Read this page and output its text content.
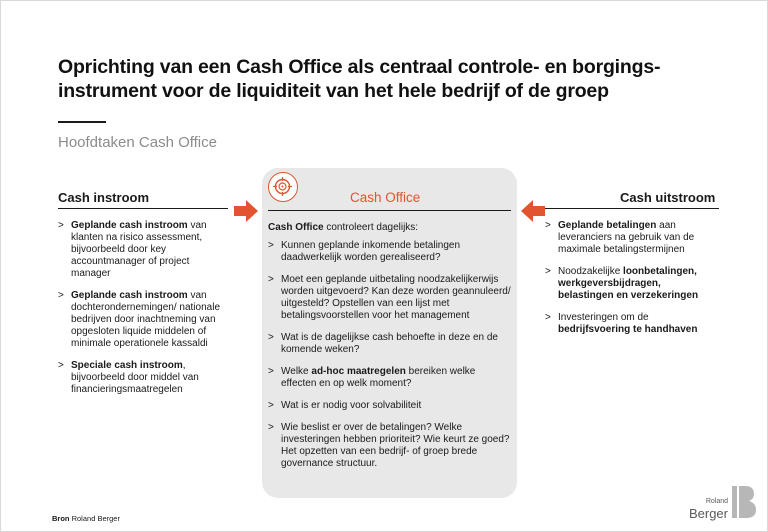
Oprichting van een Cash Office als centraal controle- en borgings-instrument voor de liquiditeit van het hele bedrijf of de groep
Hoofdtaken Cash Office
Cash instroom
> Geplande cash instroom van klanten na risico assessment, bijvoorbeeld door key accountmanager of project manager
> Geplande cash instroom van dochterondernemingen/ nationale bedrijven door inachtneming van opgesloten liquide middelen of minimale operationele kassaldi
> Speciale cash instroom, bijvoorbeeld door middel van financieringsmaatregelen
Cash Office
Cash Office controleert dagelijks:
> Kunnen geplande inkomende betalingen daadwerkelijk worden gerealiseerd?
> Moet een geplande uitbetaling noodzakelijkerwijs worden uitgevoerd? Kan deze worden geannuleerd/ uitgesteld? Opstellen van een lijst met betalingsvoorstellen voor het management
> Wat is de dagelijkse cash behoefte in deze en de komende weken?
> Welke ad-hoc maatregelen bereiken welke effecten en op welk moment?
> Wat is er nodig voor solvabiliteit
> Wie beslist er over de betalingen? Welke investeringen hebben prioriteit? Wie keurt ze goed? Het opzetten van een bedrijf- of groep brede governance structuur.
Cash uitstroom
> Geplande betalingen aan leveranciers na gebruik van de maximale betalingstermijnen
> Noodzakelijke loonbetalingen, werkgeversbijdragen, belastingen en verzekeringen
> Investeringen om de bedrijfsvoering te handhaven
Bron Roland Berger
Roland
Berger
